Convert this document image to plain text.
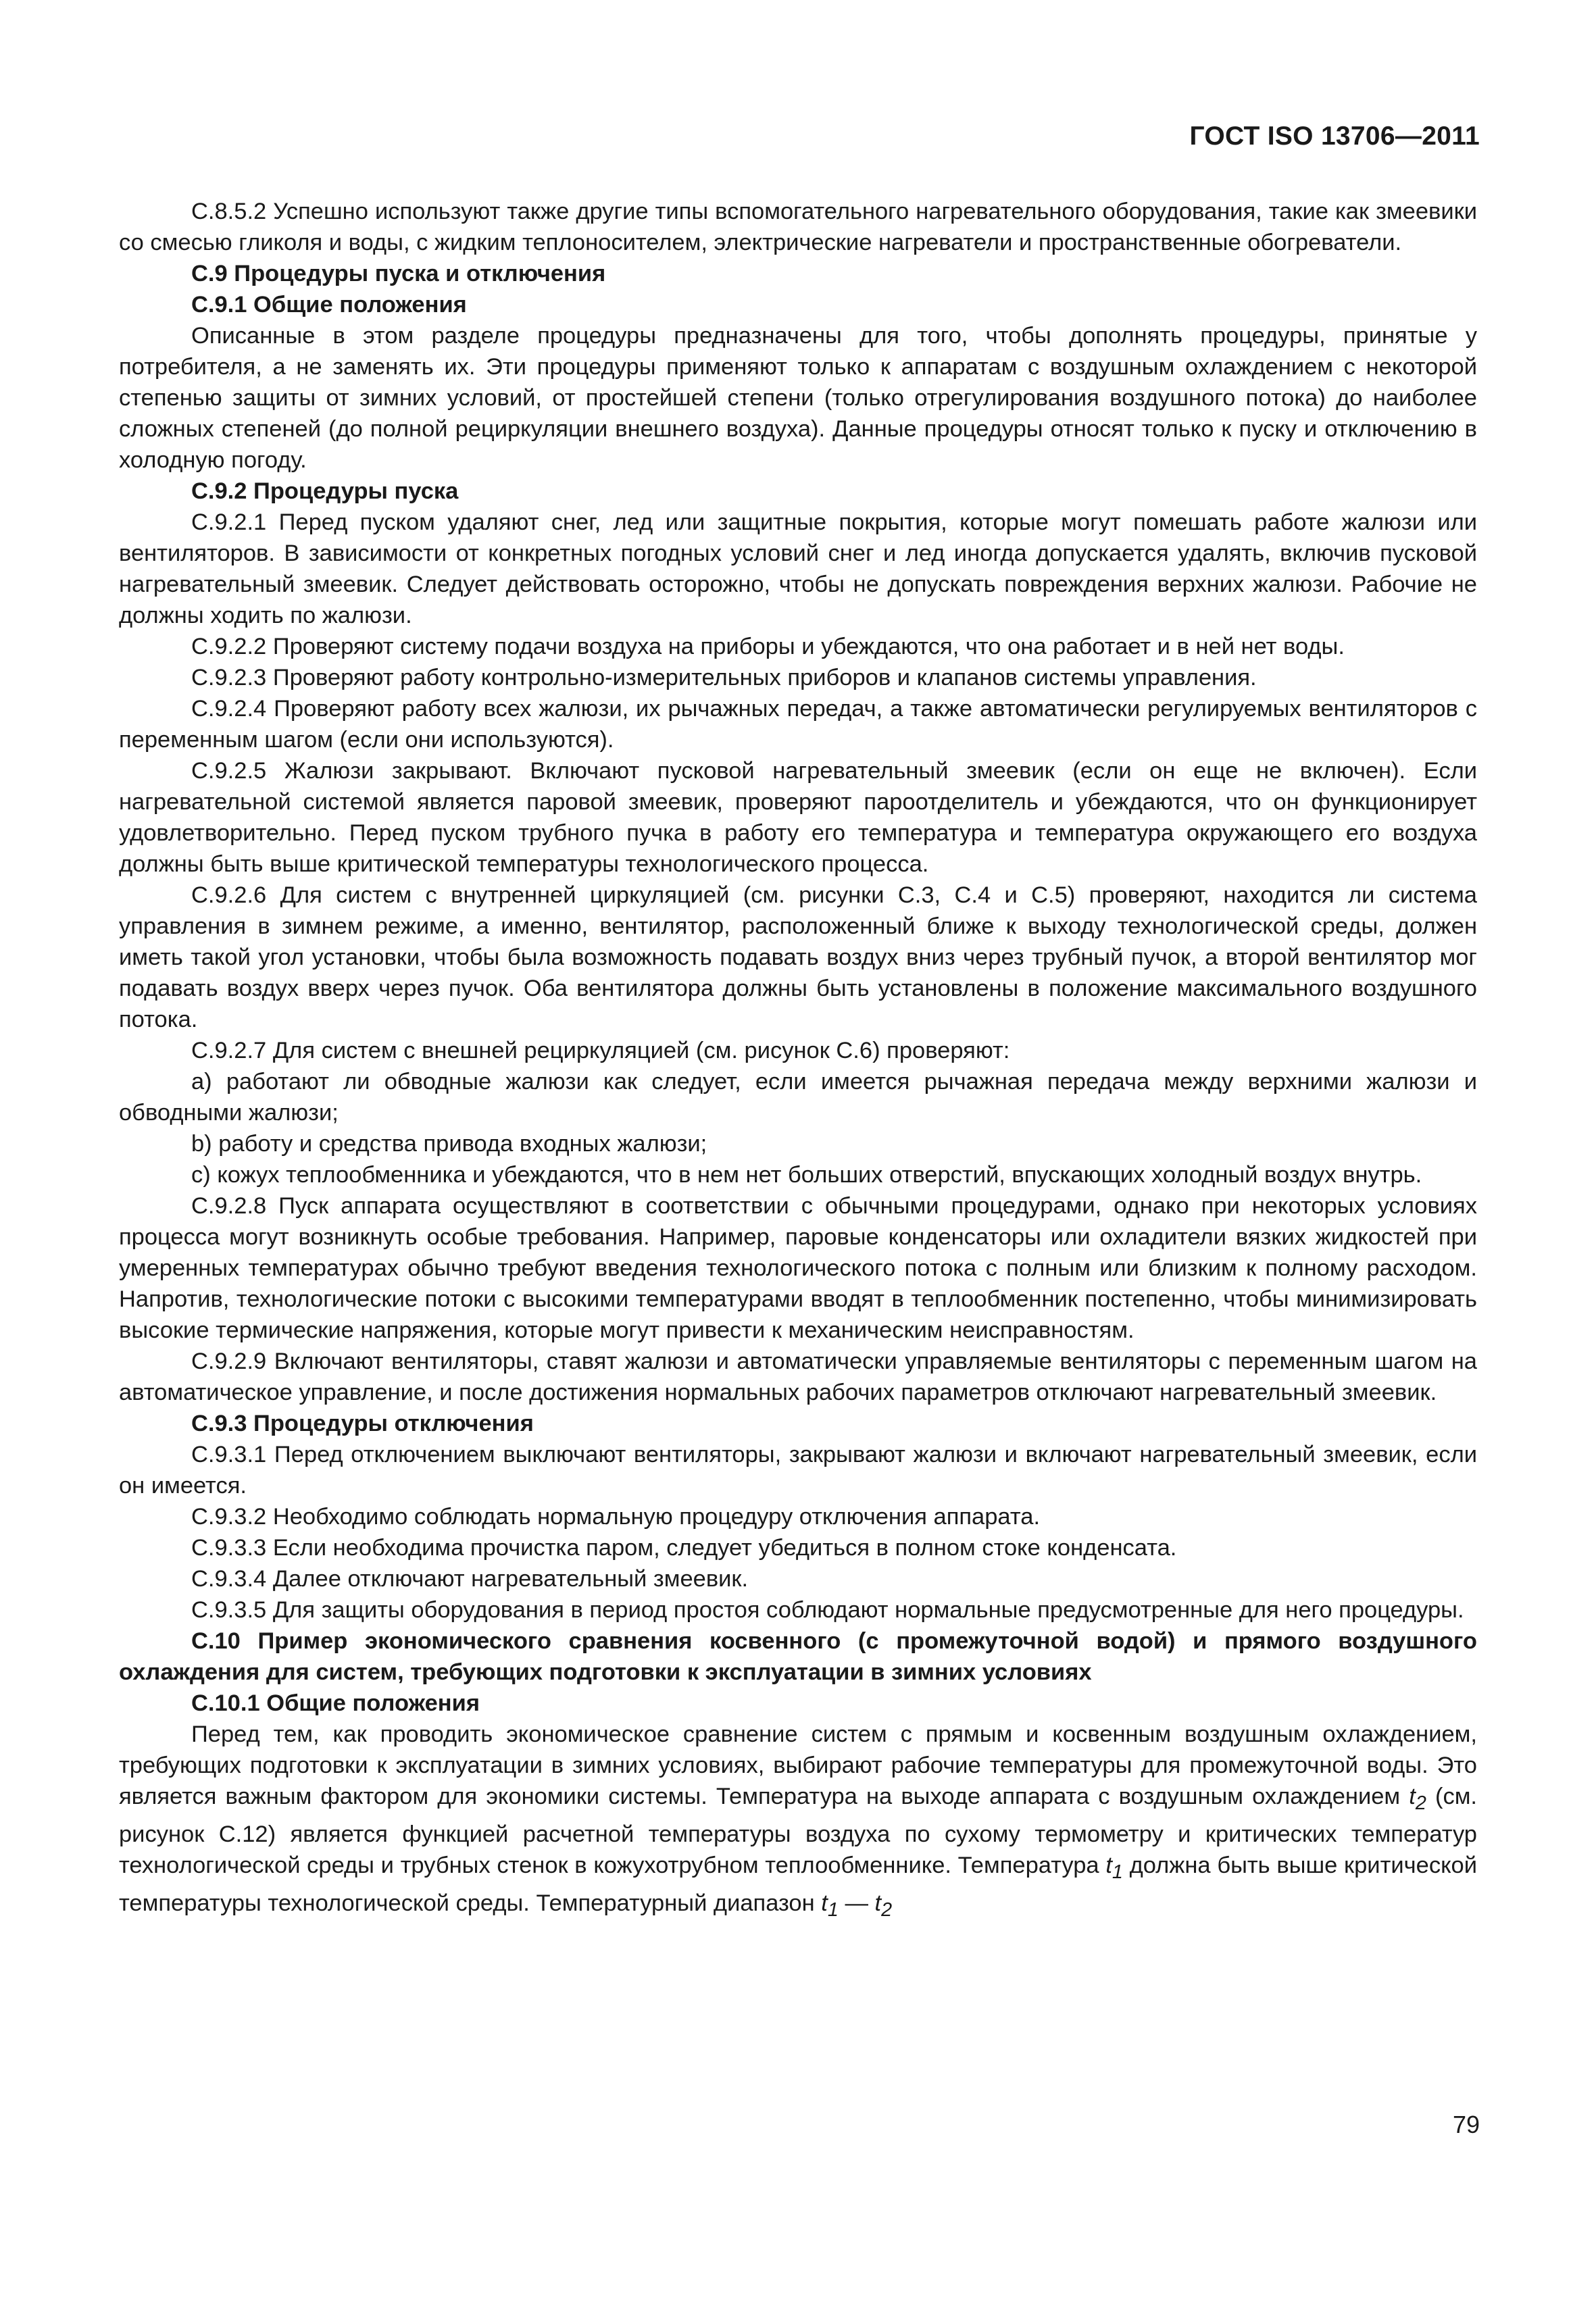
ГОСТ ISO 13706—2011

С.8.5.2 Успешно используют также другие типы вспомогательного нагревательного оборудования, такие как змеевики со смесью гликоля и воды, с жидким теплоносителем, электрические нагреватели и пространственные обогреватели.

С.9 Процедуры пуска и отключения

С.9.1 Общие положения

Описанные в этом разделе процедуры предназначены для того, чтобы дополнять процедуры, принятые у потребителя, а не заменять их. Эти процедуры применяют только к аппаратам с воздушным охлаждением с некоторой степенью защиты от зимних условий, от простейшей степени (только отрегулирования воздушного потока) до наиболее сложных степеней (до полной рециркуляции внешнего воздуха). Данные процедуры относят только к пуску и отключению в холодную погоду.

С.9.2 Процедуры пуска

С.9.2.1 Перед пуском удаляют снег, лед или защитные покрытия, которые могут помешать работе жалюзи или вентиляторов. В зависимости от конкретных погодных условий снег и лед иногда допускается удалять, включив пусковой нагревательный змеевик. Следует действовать осторожно, чтобы не допускать повреждения верхних жалюзи. Рабочие не должны ходить по жалюзи.

С.9.2.2 Проверяют систему подачи воздуха на приборы и убеждаются, что она работает и в ней нет воды.

С.9.2.3 Проверяют работу контрольно-измерительных приборов и клапанов системы управления.

С.9.2.4 Проверяют работу всех жалюзи, их рычажных передач, а также автоматически регулируемых вентиляторов с переменным шагом (если они используются).

С.9.2.5 Жалюзи закрывают. Включают пусковой нагревательный змеевик (если он еще не включен). Если нагревательной системой является паровой змеевик, проверяют пароотделитель и убеждаются, что он функционирует удовлетворительно. Перед пуском трубного пучка в работу его температура и температура окружающего его воздуха должны быть выше критической температуры технологического процесса.

С.9.2.6 Для систем с внутренней циркуляцией (см. рисунки С.3, С.4 и С.5) проверяют, находится ли система управления в зимнем режиме, а именно, вентилятор, расположенный ближе к выходу технологической среды, должен иметь такой угол установки, чтобы была возможность подавать воздух вниз через трубный пучок, а второй вентилятор мог подавать воздух вверх через пучок. Оба вентилятора должны быть установлены в положение максимального воздушного потока.

С.9.2.7 Для систем с внешней рециркуляцией (см. рисунок С.6) проверяют:

а) работают ли обводные жалюзи как следует, если имеется рычажная передача между верхними жалюзи и обводными жалюзи;

b) работу и средства привода входных жалюзи;

с) кожух теплообменника и убеждаются, что в нем нет больших отверстий, впускающих холодный воздух внутрь.

С.9.2.8 Пуск аппарата осуществляют в соответствии с обычными процедурами, однако при некоторых условиях процесса могут возникнуть особые требования. Например, паровые конденсаторы или охладители вязких жидкостей при умеренных температурах обычно требуют введения технологического потока с полным или близким к полному расходом. Напротив, технологические потоки с высокими температурами вводят в теплообменник постепенно, чтобы минимизировать высокие термические напряжения, которые могут привести к механическим неисправностям.

С.9.2.9 Включают вентиляторы, ставят жалюзи и автоматически управляемые вентиляторы с переменным шагом на автоматическое управление, и после достижения нормальных рабочих параметров отключают нагревательный змеевик.

С.9.3 Процедуры отключения

С.9.3.1 Перед отключением выключают вентиляторы, закрывают жалюзи и включают нагревательный змеевик, если он имеется.

С.9.3.2 Необходимо соблюдать нормальную процедуру отключения аппарата.

С.9.3.3 Если необходима прочистка паром, следует убедиться в полном стоке конденсата.

С.9.3.4 Далее отключают нагревательный змеевик.

С.9.3.5 Для защиты оборудования в период простоя соблюдают нормальные предусмотренные для него процедуры.

С.10 Пример экономического сравнения косвенного (с промежуточной водой) и прямого воздушного охлаждения для систем, требующих подготовки к эксплуатации в зимних условиях

С.10.1 Общие положения

Перед тем, как проводить экономическое сравнение систем с прямым и косвенным воздушным охлаждением, требующих подготовки к эксплуатации в зимних условиях, выбирают рабочие температуры для промежуточной воды. Это является важным фактором для экономики системы. Температура на выходе аппарата с воздушным охлаждением $t_2$ (см. рисунок С.12) является функцией расчетной температуры воздуха по сухому термометру и критических температур технологической среды и трубных стенок в кожухотрубном теплообменнике. Температура $t_1$ должна быть выше критической температуры технологической среды. Температурный диапазон $t_1$ — $t_2$

79
